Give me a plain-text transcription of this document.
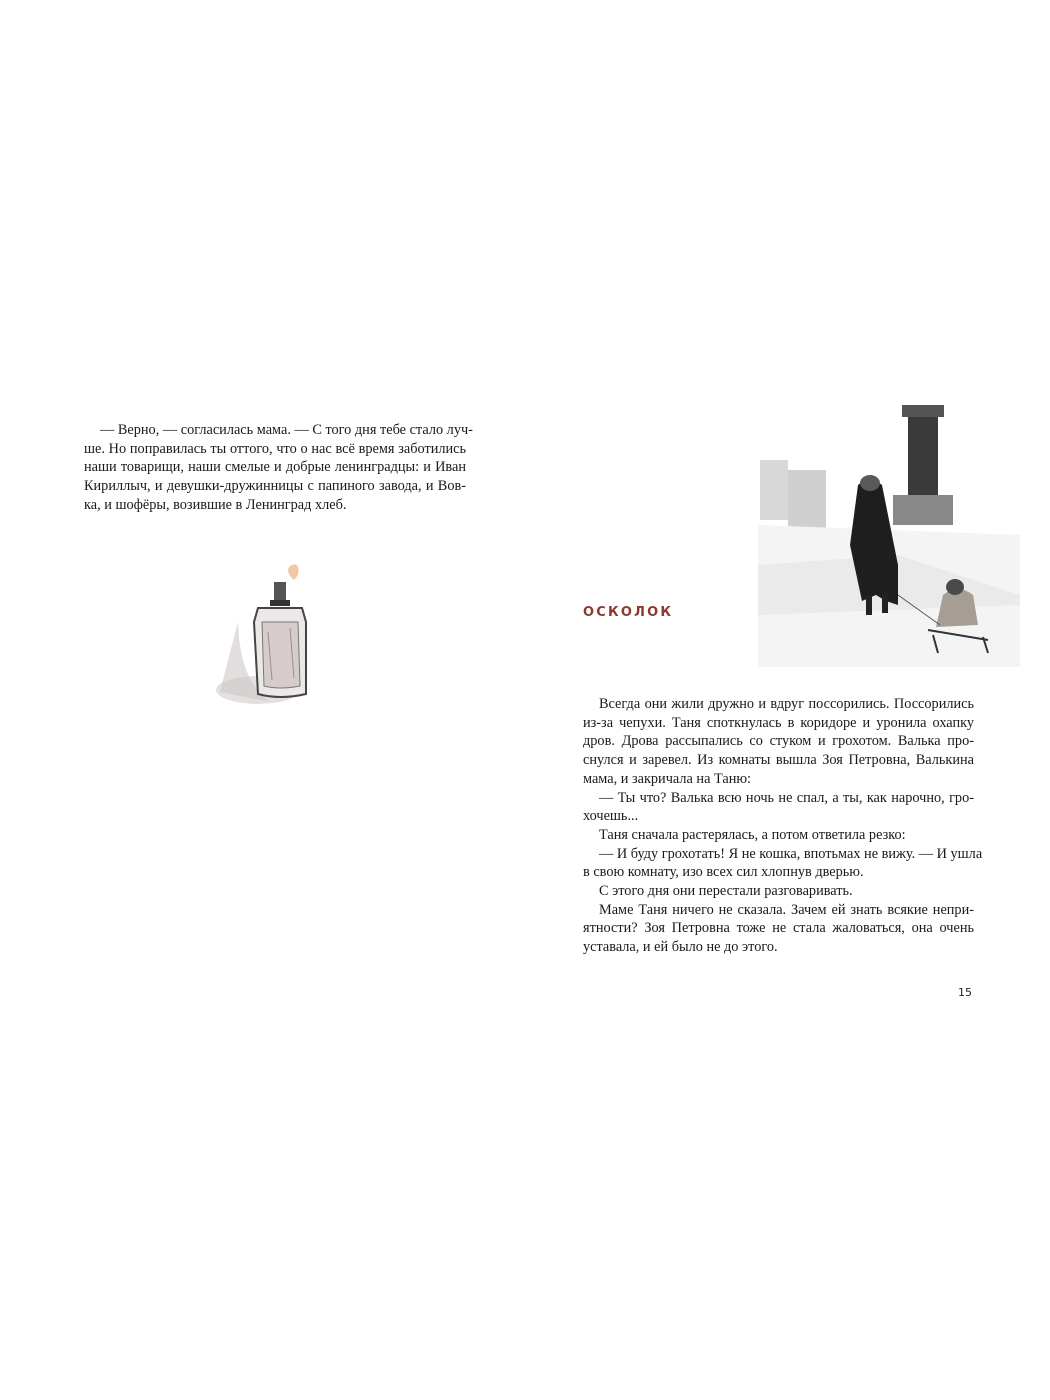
— Верно, — согласилась мама. — С того дня тебе стало луч-
ше. Но поправилась ты оттого, что о нас всё время заботились
наши товарищи, наши смелые и добрые ленинградцы: и Иван
Кириллыч, и девушки-дружинницы с папиного завода, и Вов-
ка, и шофёры, возившие в Ленинград хлеб.
ОСКОЛОК
Всегда они жили дружно и вдруг поссорились. Поссорились
из-за чепухи. Таня споткнулась в коридоре и уронила охапку
дров. Дрова рассыпались со стуком и грохотом. Валька про-
снулся и заревел. Из комнаты вышла Зоя Петровна, Валькина
мама, и закричала на Таню:
— Ты что? Валька всю ночь не спал, а ты, как нарочно, гро-
хочешь...
Таня сначала растерялась, а потом ответила резко:
— И буду грохотать! Я не кошка, впотьмах не вижу. — И ушла
в свою комнату, изо всех сил хлопнув дверью.
С этого дня они перестали разговаривать.
Маме Таня ничего не сказала. Зачем ей знать всякие непри-
ятности? Зоя Петровна тоже не стала жаловаться, она очень
уставала, и ей было не до этого.
15
